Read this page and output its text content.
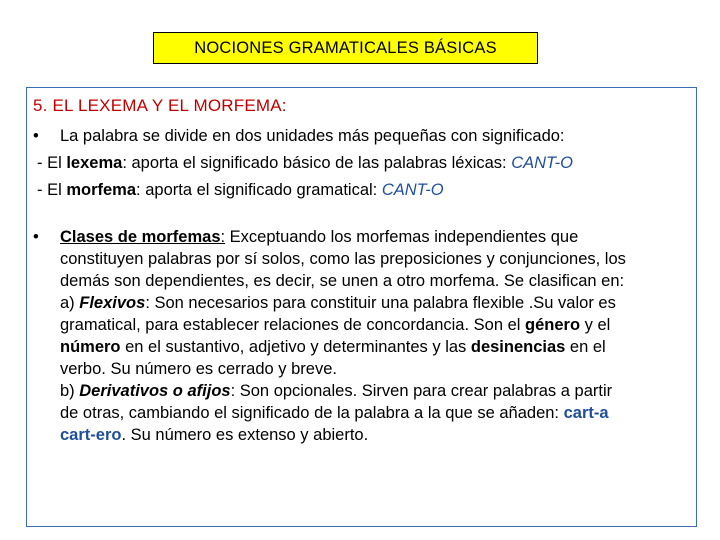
NOCIONES GRAMATICALES BÁSICAS
5. EL LEXEMA Y EL MORFEMA:
•	La palabra se divide en dos unidades más pequeñas con significado:
- El lexema: aporta el significado básico de las palabras léxicas: CANT-O
- El morfema: aporta el significado gramatical: CANT-O
•	Clases de morfemas: Exceptuando los morfemas independientes que
constituyen palabras por sí solos, como las preposiciones y conjunciones, los
demás son dependientes, es decir, se unen a otro morfema. Se clasifican en:
a) Flexivos: Son necesarios para constituir una palabra flexible .Su valor es
gramatical, para establecer relaciones de concordancia. Son el género y el
número en el sustantivo, adjetivo y determinantes y las desinencias en el
verbo. Su número es cerrado y breve.
b) Derivativos o afijos: Son opcionales. Sirven para crear palabras a partir
de otras, cambiando el significado de la palabra a la que se añaden: cart-a
cart-ero. Su número es extenso y abierto.
